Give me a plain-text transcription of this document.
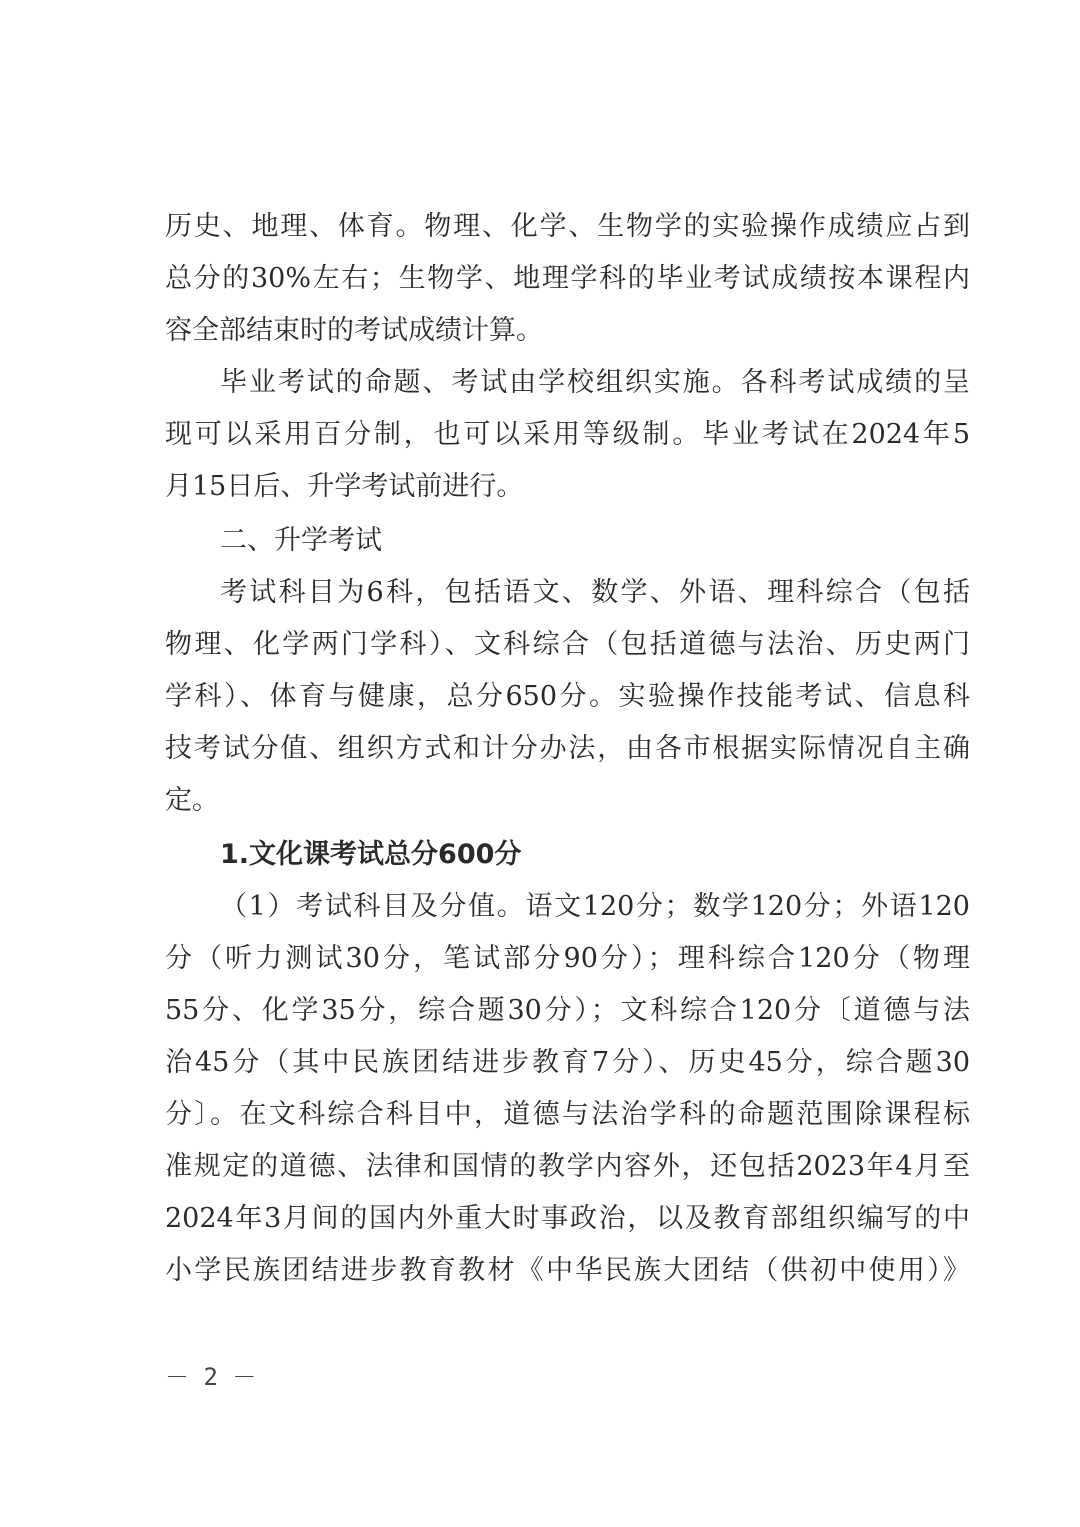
历史、地理、体育。物理、化学、生物学的实验操作成绩应占到
总分的30%左右；生物学、地理学科的毕业考试成绩按本课程内
容全部结束时的考试成绩计算。
毕业考试的命题、考试由学校组织实施。各科考试成绩的呈
现可以采用百分制，也可以采用等级制。毕业考试在2024年5
月15日后、升学考试前进行。
二、升学考试
考试科目为6科，包括语文、数学、外语、理科综合（包括
物理、化学两门学科）、文科综合（包括道德与法治、历史两门
学科）、体育与健康，总分650分。实验操作技能考试、信息科
技考试分值、组织方式和计分办法，由各市根据实际情况自主确
定。
1.文化课考试总分600分
（1）考试科目及分值。语文120分；数学120分；外语120
分（听力测试30分，笔试部分90分）；理科综合120分（物理
55分、化学35分，综合题30分）；文科综合120分〔道德与法
治45分（其中民族团结进步教育7分）、历史45分，综合题30
分〕。在文科综合科目中，道德与法治学科的命题范围除课程标
准规定的道德、法律和国情的教学内容外，还包括2023年4月至
2024年3月间的国内外重大时事政治，以及教育部组织编写的中
小学民族团结进步教育教材《中华民族大团结（供初中使用）》
－ 2 －
